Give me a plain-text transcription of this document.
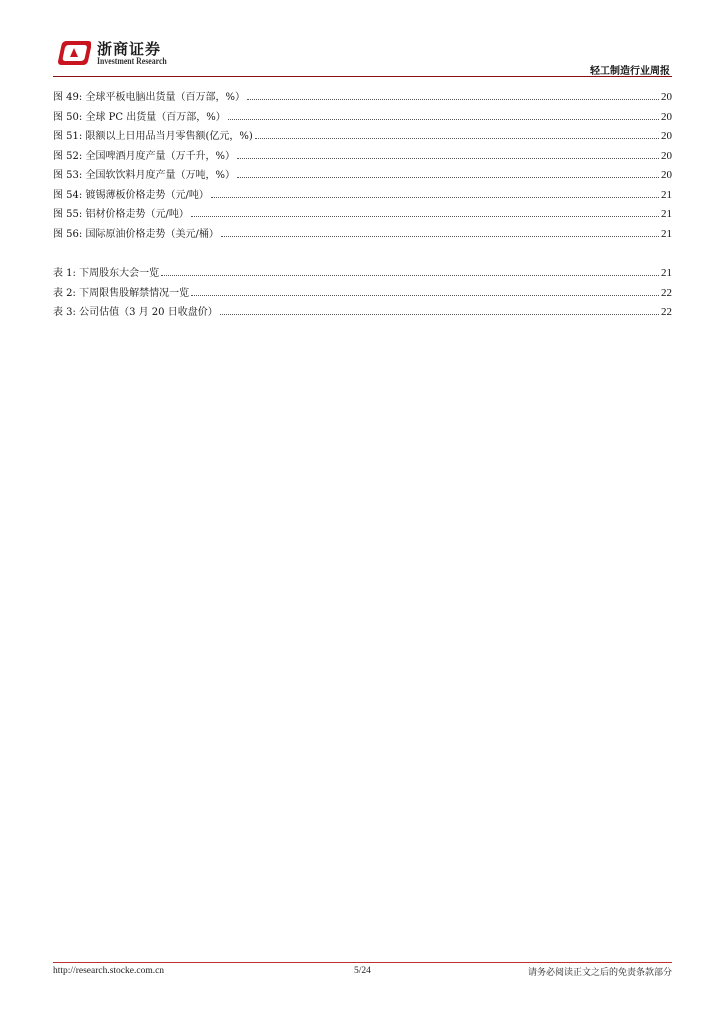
浙商证券
Investment Research
轻工制造行业周报
图 49: 全球平板电脑出货量（百万部，%）	20
图 50: 全球 PC 出货量（百万部，%）	20
图 51: 限额以上日用品当月零售额(亿元，%)	20
图 52: 全国啤酒月度产量（万千升，%）	20
图 53: 全国软饮料月度产量（万吨，%）	20
图 54: 镀锡薄板价格走势（元/吨）	21
图 55: 铝材价格走势（元/吨）	21
图 56: 国际原油价格走势（美元/桶）	21
表 1: 下周股东大会一览	21
表 2: 下周限售股解禁情况一览	22
表 3: 公司估值（3 月 20 日收盘价）	22
http://research.stocke.com.cn	5/24	请务必阅读正文之后的免责条款部分
